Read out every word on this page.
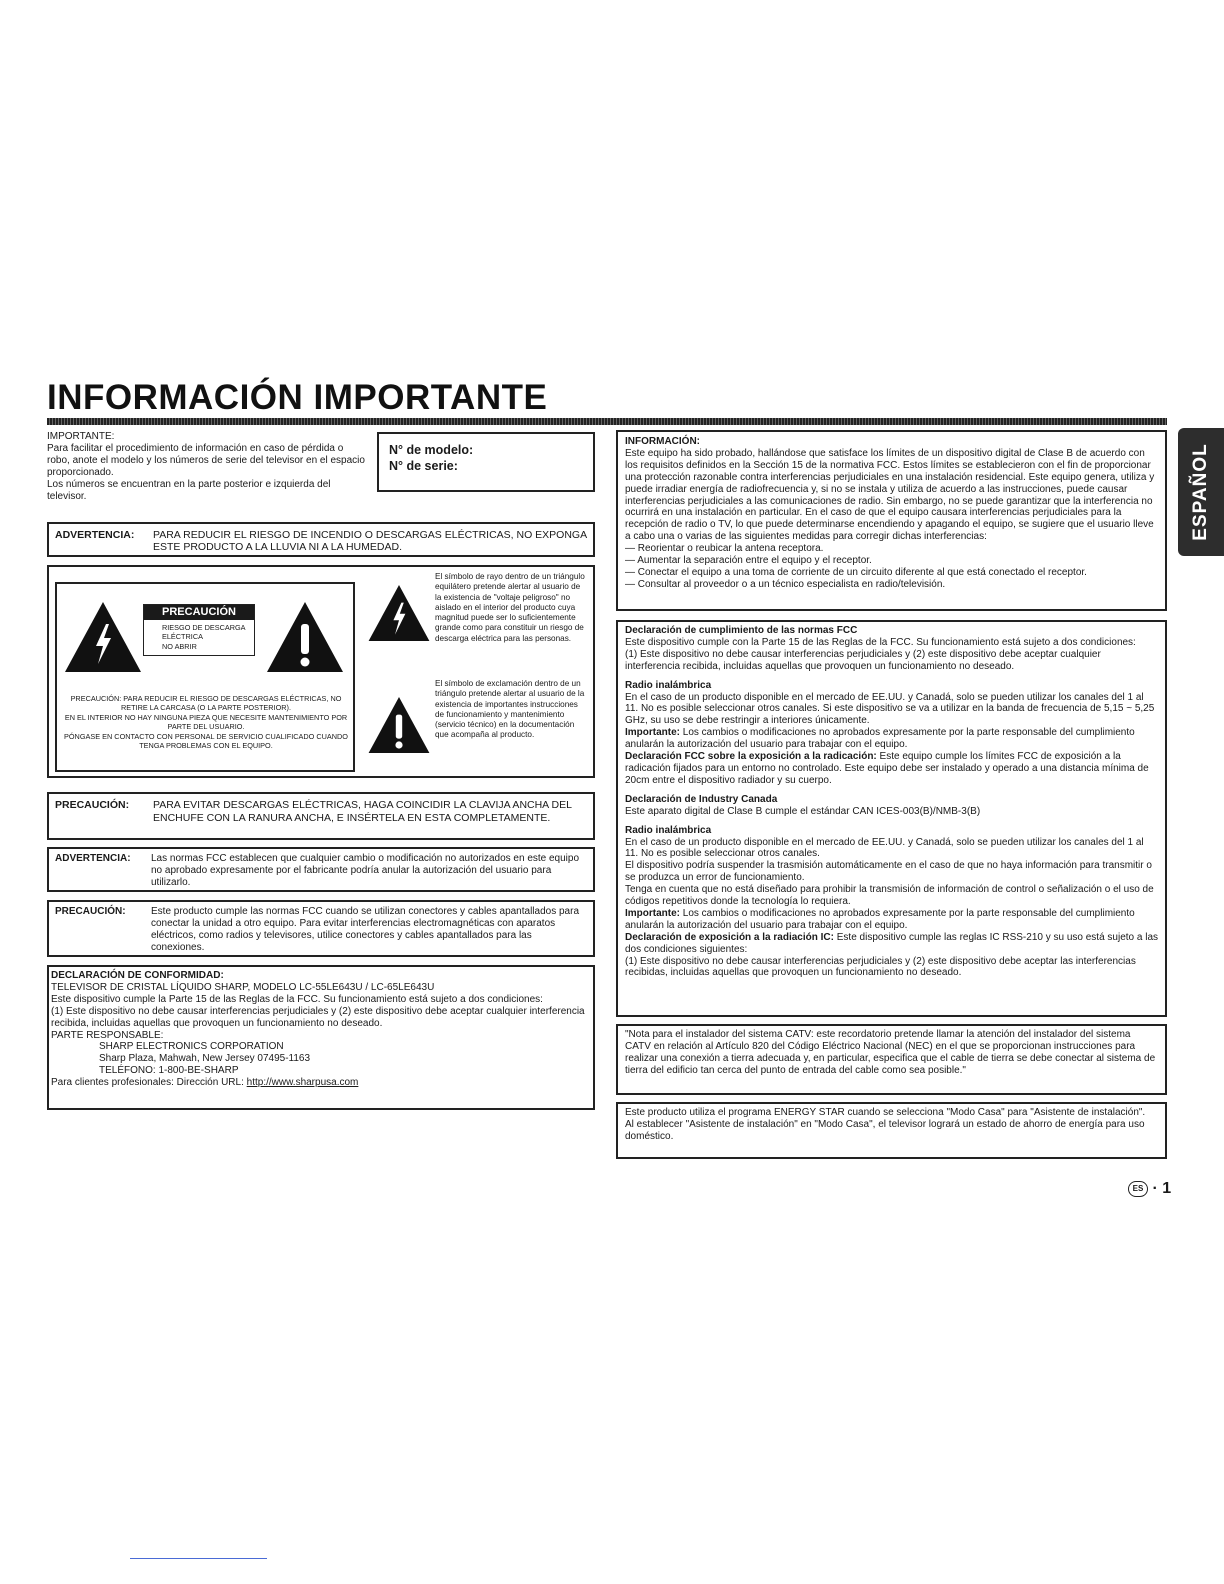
INFORMACIÓN IMPORTANTE
ESPAÑOL
IMPORTANTE:
Para facilitar el procedimiento de información en caso de pérdida o robo, anote el modelo y los números de serie del televisor en el espacio proporcionado.
Los números se encuentran en la parte posterior e izquierda del televisor.
N° de modelo:
N° de serie:
ADVERTENCIA:	PARA REDUCIR EL RIESGO DE INCENDIO O DESCARGAS ELÉCTRICAS, NO EXPONGA ESTE PRODUCTO A LA LLUVIA NI A LA HUMEDAD.
PRECAUCIÓN
RIESGO DE DESCARGA ELÉCTRICA
NO ABRIR
PRECAUCIÓN: PARA REDUCIR EL RIESGO DE DESCARGAS ELÉCTRICAS, NO RETIRE LA CARCASA (O LA PARTE POSTERIOR).
EN EL INTERIOR NO HAY NINGUNA PIEZA QUE NECESITE MANTENIMIENTO POR PARTE DEL USUARIO.
PÓNGASE EN CONTACTO CON PERSONAL DE SERVICIO CUALIFICADO CUANDO TENGA PROBLEMAS CON EL EQUIPO.
El símbolo de rayo dentro de un triángulo equilátero pretende alertar al usuario de la existencia de "voltaje peligroso" no aislado en el interior del producto cuya magnitud puede ser lo suficientemente grande como para constituir un riesgo de descarga eléctrica para las personas.
El símbolo de exclamación dentro de un triángulo pretende alertar al usuario de la existencia de importantes instrucciones de funcionamiento y mantenimiento (servicio técnico) en la documentación que acompaña al producto.
PRECAUCIÓN:	PARA EVITAR DESCARGAS ELÉCTRICAS, HAGA COINCIDIR LA CLAVIJA ANCHA DEL ENCHUFE CON LA RANURA ANCHA, E INSÉRTELA EN ESTA COMPLETAMENTE.
ADVERTENCIA:	Las normas FCC establecen que cualquier cambio o modificación no autorizados en este equipo no aprobado expresamente por el fabricante podría anular la autorización del usuario para utilizarlo.
PRECAUCIÓN:	Este producto cumple las normas FCC cuando se utilizan conectores y cables apantallados para conectar la unidad a otro equipo. Para evitar interferencias electromagnéticas con aparatos eléctricos, como radios y televisores, utilice conectores y cables apantallados para las conexiones.
DECLARACIÓN DE CONFORMIDAD:
TELEVISOR DE CRISTAL LÍQUIDO SHARP, MODELO LC-55LE643U / LC-65LE643U
Este dispositivo cumple la Parte 15 de las Reglas de la FCC. Su funcionamiento está sujeto a dos condiciones:
(1) Este dispositivo no debe causar interferencias perjudiciales y (2) este dispositivo debe aceptar cualquier interferencia recibida, incluidas aquellas que provoquen un funcionamiento no deseado.
PARTE RESPONSABLE:
SHARP ELECTRONICS CORPORATION
Sharp Plaza, Mahwah, New Jersey 07495-1163
TELÉFONO: 1-800-BE-SHARP
Para clientes profesionales: Dirección URL: http://www.sharpusa.com
INFORMACIÓN:
Este equipo ha sido probado, hallándose que satisface los límites de un dispositivo digital de Clase B de acuerdo con los requisitos definidos en la Sección 15 de la normativa FCC. Estos límites se establecieron con el fin de proporcionar una protección razonable contra interferencias perjudiciales en una instalación residencial. Este equipo genera, utiliza y puede irradiar energía de radiofrecuencia y, si no se instala y utiliza de acuerdo a las instrucciones, puede causar interferencias perjudiciales a las comunicaciones de radio. Sin embargo, no se puede garantizar que la interferencia no ocurrirá en una instalación en particular. En el caso de que el equipo causara interferencias perjudiciales para la recepción de radio o TV, lo que puede determinarse encendiendo y apagando el equipo, se sugiere que el usuario lleve a cabo una o varias de las siguientes medidas para corregir dichas interferencias:
— Reorientar o reubicar la antena receptora.
— Aumentar la separación entre el equipo y el receptor.
— Conectar el equipo a una toma de corriente de un circuito diferente al que está conectado el receptor.
— Consultar al proveedor o a un técnico especialista en radio/televisión.
Declaración de cumplimiento de las normas FCC
Este dispositivo cumple con la Parte 15 de las Reglas de la FCC. Su funcionamiento está sujeto a dos condiciones:
(1) Este dispositivo no debe causar interferencias perjudiciales y (2) este dispositivo debe aceptar cualquier interferencia recibida, incluidas aquellas que provoquen un funcionamiento no deseado.
Radio inalámbrica
En el caso de un producto disponible en el mercado de EE.UU. y Canadá, solo se pueden utilizar los canales del 1 al 11. No es posible seleccionar otros canales. Si este dispositivo se va a utilizar en la banda de frecuencia de 5,15 ~ 5,25 GHz, su uso se debe restringir a interiores únicamente.
Importante: Los cambios o modificaciones no aprobados expresamente por la parte responsable del cumplimiento anularán la autorización del usuario para trabajar con el equipo.
Declaración FCC sobre la exposición a la radicación: Este equipo cumple los límites FCC de exposición a la radicación fijados para un entorno no controlado. Este equipo debe ser instalado y operado a una distancia mínima de 20cm entre el dispositivo radiador y su cuerpo.
Declaración de Industry Canada
Este aparato digital de Clase B cumple el estándar CAN ICES-003(B)/NMB-3(B)
Radio inalámbrica
En el caso de un producto disponible en el mercado de EE.UU. y Canadá, solo se pueden utilizar los canales del 1 al 11. No es posible seleccionar otros canales.
El dispositivo podría suspender la trasmisión automáticamente en el caso de que no haya información para transmitir o se produzca un error de funcionamiento.
Tenga en cuenta que no está diseñado para prohibir la transmisión de información de control o señalización o el uso de códigos repetitivos donde la tecnología lo requiera.
Importante: Los cambios o modificaciones no aprobados expresamente por la parte responsable del cumplimiento anularán la autorización del usuario para trabajar con el equipo.
Declaración de exposición a la radiación IC: Este dispositivo cumple las reglas IC RSS-210 y su uso está sujeto a las dos condiciones siguientes:
(1) Este dispositivo no debe causar interferencias perjudiciales y (2) este dispositivo debe aceptar las interferencias recibidas, incluidas aquellas que provoquen un funcionamiento no deseado.
"Nota para el instalador del sistema CATV: este recordatorio pretende llamar la atención del instalador del sistema CATV en relación al Artículo 820 del Código Eléctrico Nacional (NEC) en el que se proporcionan instrucciones para realizar una conexión a tierra adecuada y, en particular, especifica que el cable de tierra se debe conectar al sistema de tierra del edificio tan cerca del punto de entrada del cable como sea posible."
Este producto utiliza el programa ENERGY STAR cuando se selecciona "Modo Casa" para "Asistente de instalación".
Al establecer "Asistente de instalación" en "Modo Casa", el televisor logrará un estado de ahorro de energía para uso doméstico.
ES · 1
